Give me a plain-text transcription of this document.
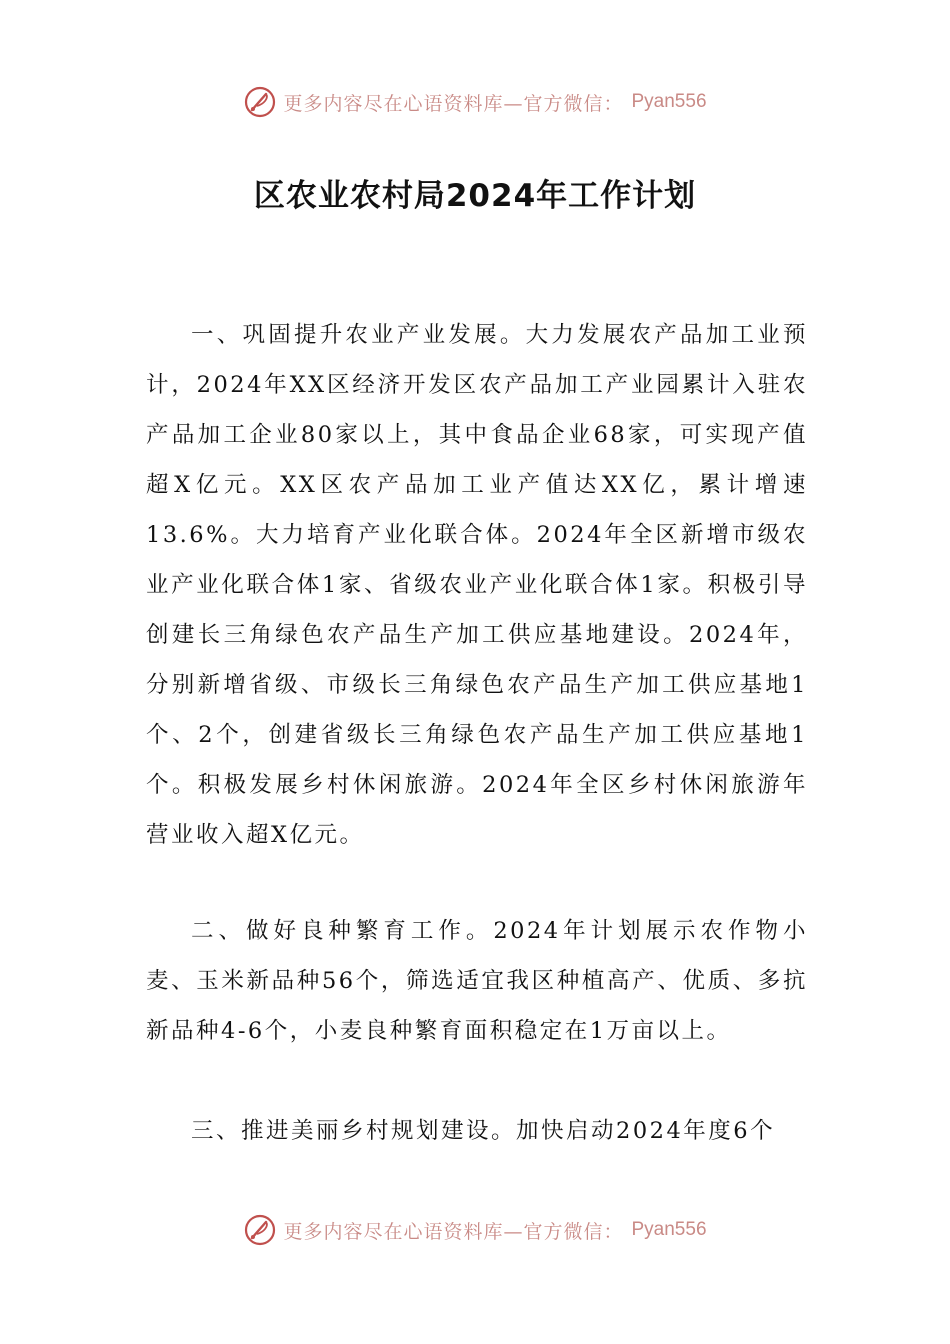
更多内容尽在心语资料库—官方微信： Pyan556
区农业农村局2024年工作计划

一、巩固提升农业产业发展。大力发展农产品加工业预计，2024年XX区经济开发区农产品加工产业园累计入驻农产品加工企业80家以上，其中食品企业68家，可实现产值超X亿元。XX区农产品加工业产值达XX亿，累计增速13.6%。大力培育产业化联合体。2024年全区新增市级农业产业化联合体1家、省级农业产业化联合体1家。积极引导创建长三角绿色农产品生产加工供应基地建设。2024年，分别新增省级、市级长三角绿色农产品生产加工供应基地1个、2个，创建省级长三角绿色农产品生产加工供应基地1个。积极发展乡村休闲旅游。2024年全区乡村休闲旅游年营业收入超X亿元。

二、做好良种繁育工作。2024年计划展示农作物小麦、玉米新品种56个，筛选适宜我区种植高产、优质、多抗新品种4-6个，小麦良种繁育面积稳定在1万亩以上。

三、推进美丽乡村规划建设。加快启动2024年度6个

更多内容尽在心语资料库—官方微信： Pyan556
